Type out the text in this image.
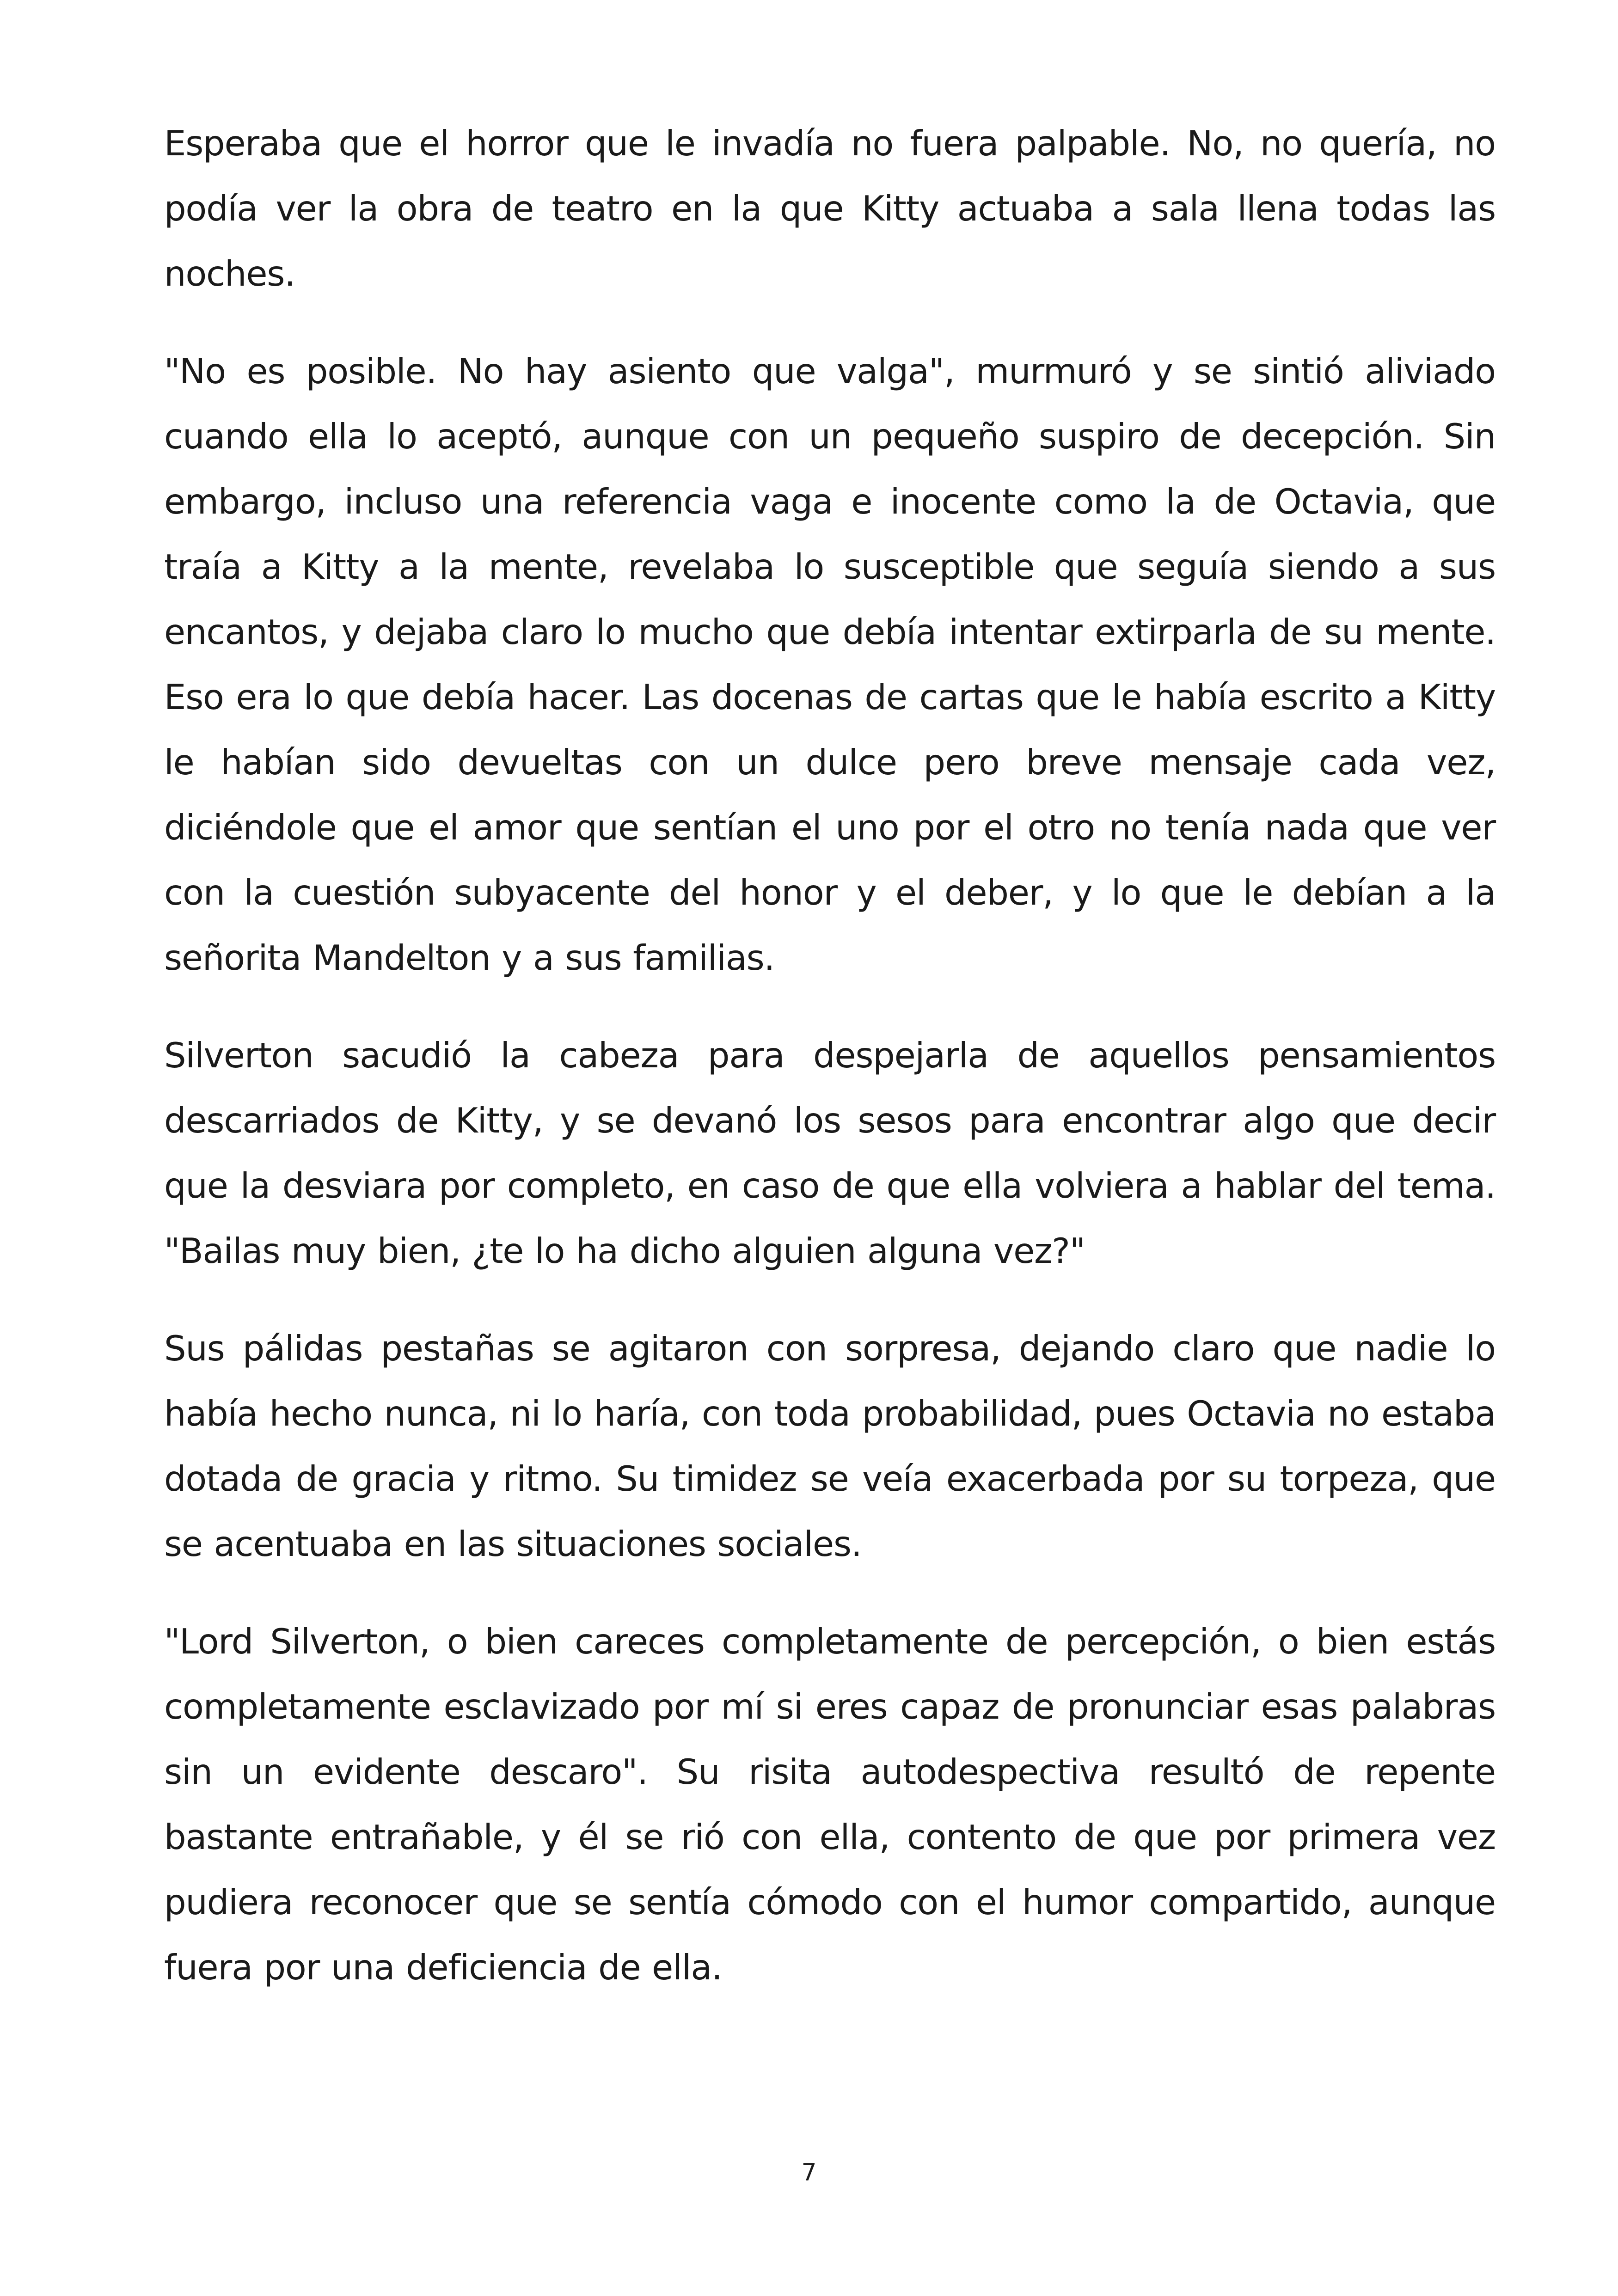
Esperaba que el horror que le invadía no fuera palpable. No, no quería, no podía ver la obra de teatro en la que Kitty actuaba a sala llena todas las noches.

"No es posible. No hay asiento que valga", murmuró y se sintió aliviado cuando ella lo aceptó, aunque con un pequeño suspiro de decepción. Sin embargo, incluso una referencia vaga e inocente como la de Octavia, que traía a Kitty a la mente, revelaba lo susceptible que seguía siendo a sus encantos, y dejaba claro lo mucho que debía intentar extirparla de su mente. Eso era lo que debía hacer. Las docenas de cartas que le había escrito a Kitty le habían sido devueltas con un dulce pero breve mensaje cada vez, diciéndole que el amor que sentían el uno por el otro no tenía nada que ver con la cuestión subyacente del honor y el deber, y lo que le debían a la señorita Mandelton y a sus familias.

Silverton sacudió la cabeza para despejarla de aquellos pensamientos descarriados de Kitty, y se devanó los sesos para encontrar algo que decir que la desviara por completo, en caso de que ella volviera a hablar del tema. "Bailas muy bien, ¿te lo ha dicho alguien alguna vez?"

Sus pálidas pestañas se agitaron con sorpresa, dejando claro que nadie lo había hecho nunca, ni lo haría, con toda probabilidad, pues Octavia no estaba dotada de gracia y ritmo. Su timidez se veía exacerbada por su torpeza, que se acentuaba en las situaciones sociales.

"Lord Silverton, o bien careces completamente de percepción, o bien estás completamente esclavizado por mí si eres capaz de pronunciar esas palabras sin un evidente descaro". Su risita autodespectiva resultó de repente bastante entrañable, y él se rió con ella, contento de que por primera vez pudiera reconocer que se sentía cómodo con el humor compartido, aunque fuera por una deficiencia de ella.

7
